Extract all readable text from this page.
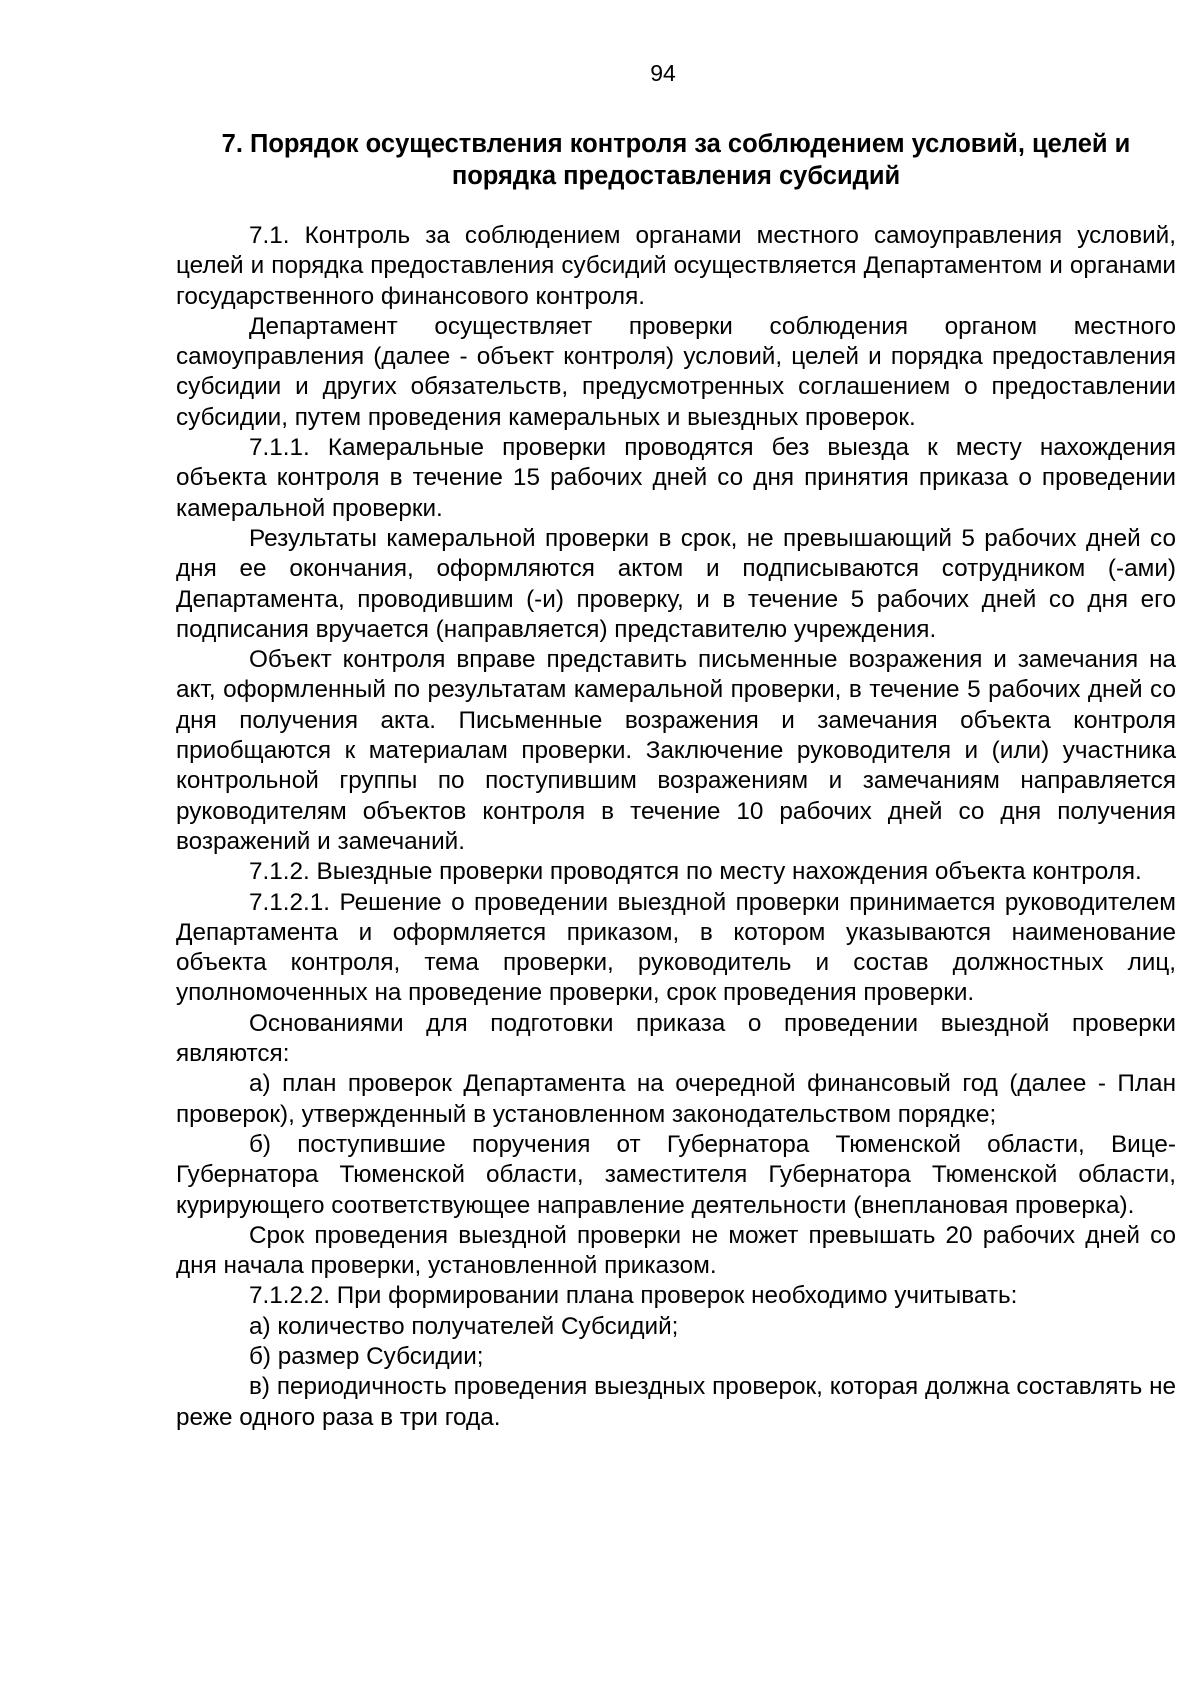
94
7. Порядок осуществления контроля за соблюдением условий, целей и
порядка предоставления субсидий

7.1. Контроль за соблюдением органами местного самоуправления условий, целей и порядка предоставления субсидий осуществляется Департаментом и органами государственного финансового контроля.

Департамент осуществляет проверки соблюдения органом местного самоуправления (далее - объект контроля) условий, целей и порядка предоставления субсидии и других обязательств, предусмотренных соглашением о предоставлении субсидии, путем проведения камеральных и выездных проверок.

7.1.1. Камеральные проверки проводятся без выезда к месту нахождения объекта контроля в течение 15 рабочих дней со дня принятия приказа о проведении камеральной проверки.

Результаты камеральной проверки в срок, не превышающий 5 рабочих дней со дня ее окончания, оформляются актом и подписываются сотрудником (-ами) Департамента, проводившим (-и) проверку, и в течение 5 рабочих дней со дня его подписания вручается (направляется) представителю учреждения.

Объект контроля вправе представить письменные возражения и замечания на акт, оформленный по результатам камеральной проверки, в течение 5 рабочих дней со дня получения акта. Письменные возражения и замечания объекта контроля приобщаются к материалам проверки. Заключение руководителя и (или) участника контрольной группы по поступившим возражениям и замечаниям направляется руководителям объектов контроля в течение 10 рабочих дней со дня получения возражений и замечаний.

7.1.2. Выездные проверки проводятся по месту нахождения объекта контроля.

7.1.2.1. Решение о проведении выездной проверки принимается руководителем Департамента и оформляется приказом, в котором указываются наименование объекта контроля, тема проверки, руководитель и состав должностных лиц, уполномоченных на проведение проверки, срок проведения проверки.

Основаниями для подготовки приказа о проведении выездной проверки являются:

а) план проверок Департамента на очередной финансовый год (далее - План проверок), утвержденный в установленном законодательством порядке;

б) поступившие поручения от Губернатора Тюменской области, Вице-Губернатора Тюменской области, заместителя Губернатора Тюменской области, курирующего соответствующее направление деятельности (внеплановая проверка).

Срок проведения выездной проверки не может превышать 20 рабочих дней со дня начала проверки, установленной приказом.

7.1.2.2. При формировании плана проверок необходимо учитывать:

а) количество получателей Субсидий;

б) размер Субсидии;

в) периодичность проведения выездных проверок, которая должна составлять не реже одного раза в три года.
